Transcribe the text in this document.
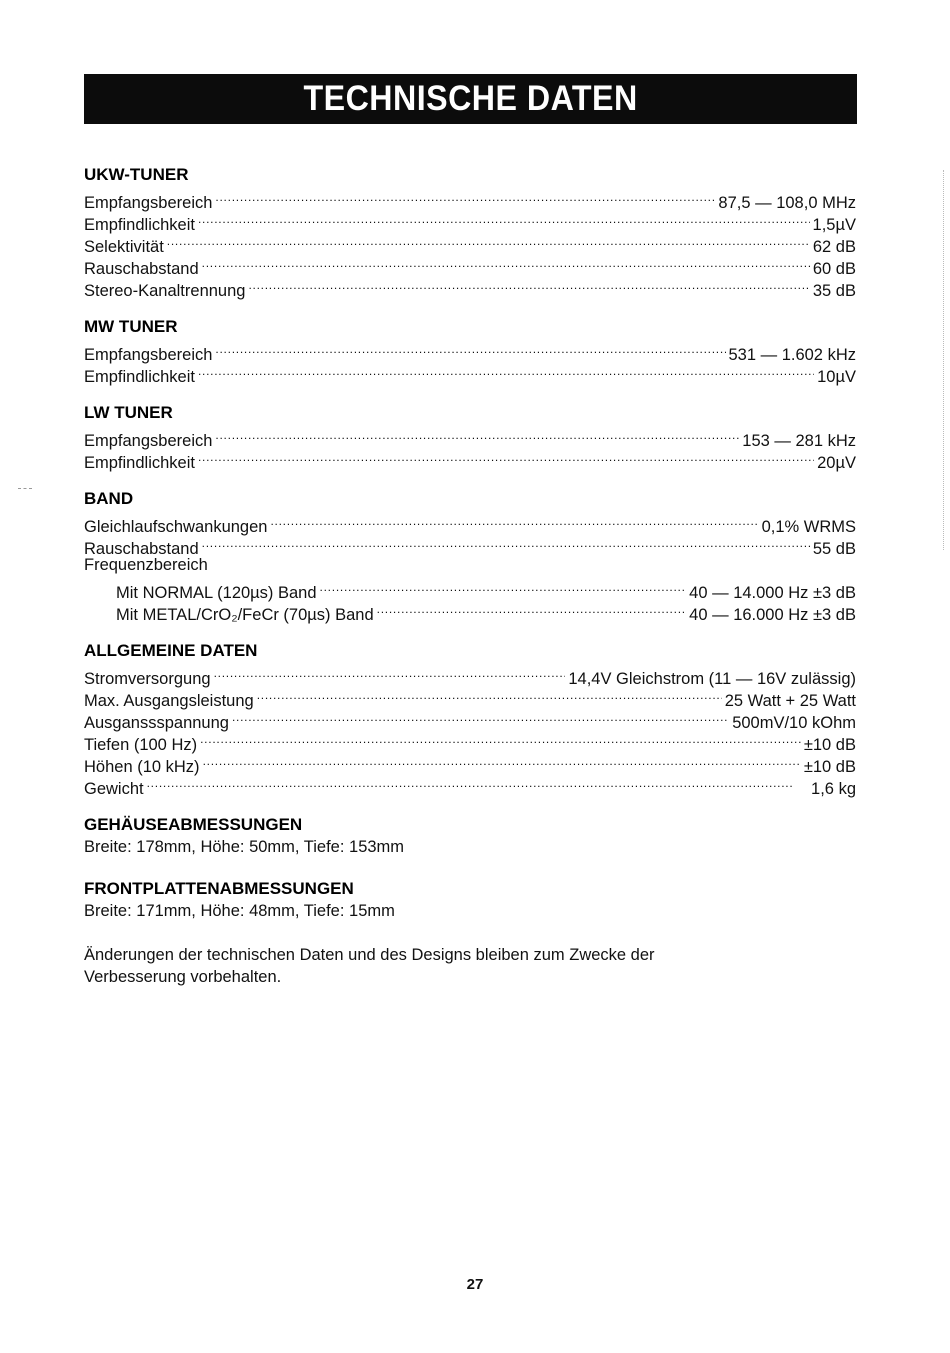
TECHNISCHE DATEN
UKW-TUNER
Empfangsbereich . . .	87,5 — 108,0 MHz
Empfindlichkeit . . .	1,5µV
Selektivität . . .	62 dB
Rauschabstand . . .	60 dB
Stereo-Kanaltrennung . . .	35 dB
MW TUNER
Empfangsbereich . . .	531 — 1.602 kHz
Empfindlichkeit . . .	10µV
LW TUNER
Empfangsbereich . . .	153 — 281 kHz
Empfindlichkeit . . .	20µV
BAND
Gleichlaufschwankungen . . .	0,1% WRMS
Rauschabstand . . .	55 dB
Frequenzbereich
Mit NORMAL (120µs) Band . . .	40 — 14.000 Hz ±3 dB
Mit METAL/CrO₂/FeCr (70µs) Band . . .	40 — 16.000 Hz ±3 dB
ALLGEMEINE DATEN
Stromversorgung . . .	14,4V Gleichstrom (11 — 16V zulässig)
Max. Ausgangsleistung . . .	25 Watt + 25 Watt
Ausganssspannung . . .	500mV/10 kOhm
Tiefen (100 Hz) . . .	±10 dB
Höhen (10 kHz) . . .	±10 dB
Gewicht . . .	1,6 kg
GEHÄUSEABMESSUNGEN
Breite: 178mm, Höhe: 50mm, Tiefe: 153mm
FRONTPLATTENABMESSUNGEN
Breite: 171mm, Höhe: 48mm, Tiefe: 15mm
Änderungen der technischen Daten und des Designs bleiben zum Zwecke der
Verbesserung vorbehalten.
27
